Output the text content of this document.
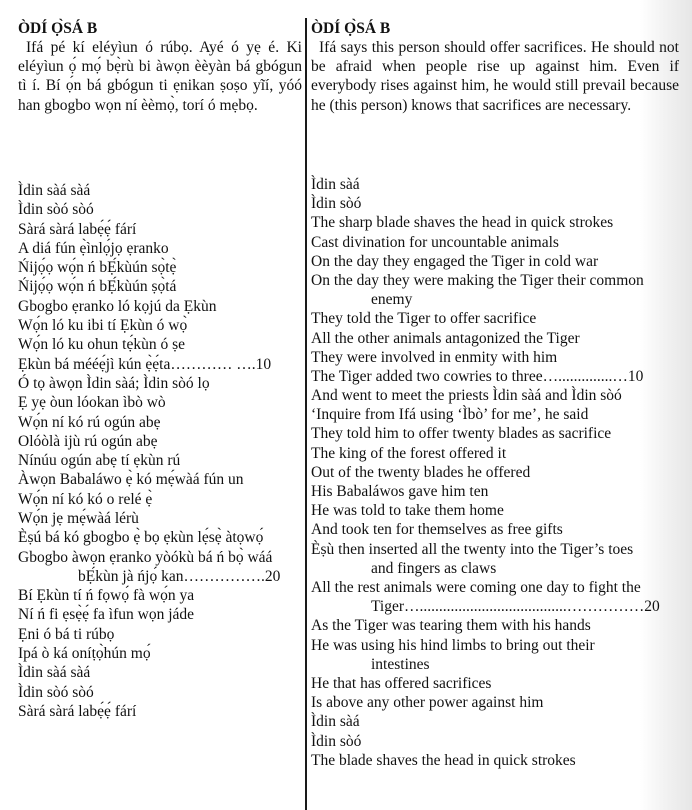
ÒDÍ Ọ̀SÁ B

Ifá pé kí eléyìun ó rúbọ. Ayé ó yẹ é. Ki eléyìun ọ́ mọ́ bẹ̀rù bi àwọn èèyàn bá gbógun tì í. Bí ọ́n bá gbógun ti ẹnikan ṣoṣo yĩí, yóó han gbogbo wọn ní èèmọ̀, torí ó mẹbọ.

Ìdin sàá sàá
Ìdin sòó sòó
Sàrá sàrá labẹ́ẹ́ fárí
A diá fún ẹ̀ìnlọ́jọ ẹranko
Ńijọ́ọ wọ́n ń bẸ́kùún sọ̀tẹ̀
Ńijọ́ọ wọ́n ń bẸ́kùún ṣọ̀tá
Gbogbo ẹranko ló kọjú da Ẹkùn
Wọ́n ló ku ibi tí Ẹkùn ó wọ̀
Wọ́n ló ku ohun tẹ́kùn ó ṣe
Ẹkùn bá mééẹ́jì kún ẹ̀ẹ́ta………… ….10
Ó tọ àwọn Ìdin sàá; Ìdin sòó lọ
Ẹ yẹ òun lóokan ìbò wò
Wọ́n ní kó rú ogún abẹ
Olóòlà ijù rú ogún abẹ
Nínúu ogún abẹ tí ẹkùn rú
Àwọn Babaláwo ẹ̀ kó mẹ́wàá fún un
Wọ́n ní kó kó o relé ẹ̀
Wọ́n jẹ mẹ́wàá lérù
Èṣú bá kó gbogbo ẹ̀ bọ ẹkùn lẹ́sẹ̀ àtọwọ́
Gbogbo àwọn ẹranko yòókù bá ń bọ̀ wáá
bẸ́kùn jà ńjọ́ kan…………….20
Bí Ẹkùn tí ń fọwọ́ fà wọ́n ya
Ní ń fi ẹsẹ̀ẹ́ fa ìfun wọn jáde
Ẹni ó bá ti rúbọ
Ipá ò ká oníṭọ̀hún mọ́
Ìdin sàá sàá
Ìdin sòó sòó
Sàrá sàrá labẹ́ẹ́ fárí
ÒDÍ Ọ̀SÁ B

Ifá says this person should offer sacrifices. He should not be afraid when people rise up against him. Even if everybody rises against him, he would still prevail because he (this person) knows that sacrifices are necessary.

Ìdin sàá
Ìdin sòó
The sharp blade shaves the head in quick strokes
Cast divination for uncountable animals
On the day they engaged the Tiger in cold war
On the day they were making the Tiger their common
enemy
They told the Tiger to offer sacrifice
All the other animals antagonized the Tiger
They were involved in enmity with him
The Tiger added two cowries to three…..............…10
And went to meet the priests Ìdin sàá and Ìdin sòó
‘Inquire from Ifá using ‘Ìbò’ for me’, he said
They told him to offer twenty blades as sacrifice
The king of the forest offered it
Out of the twenty blades he offered
His Babaláwos gave him ten
He was told to take them home
And took ten for themselves as free gifts
Èṣù then inserted all the twenty into the Tiger’s toes
and fingers as claws
All the rest animals were coming one day to fight the
Tiger…......................................……………20
As the Tiger was tearing them with his hands
He was using his hind limbs to bring out their
intestines
He that has offered sacrifices
Is above any other power against him
Ìdin sàá
Ìdin sòó
The blade shaves the head in quick strokes
